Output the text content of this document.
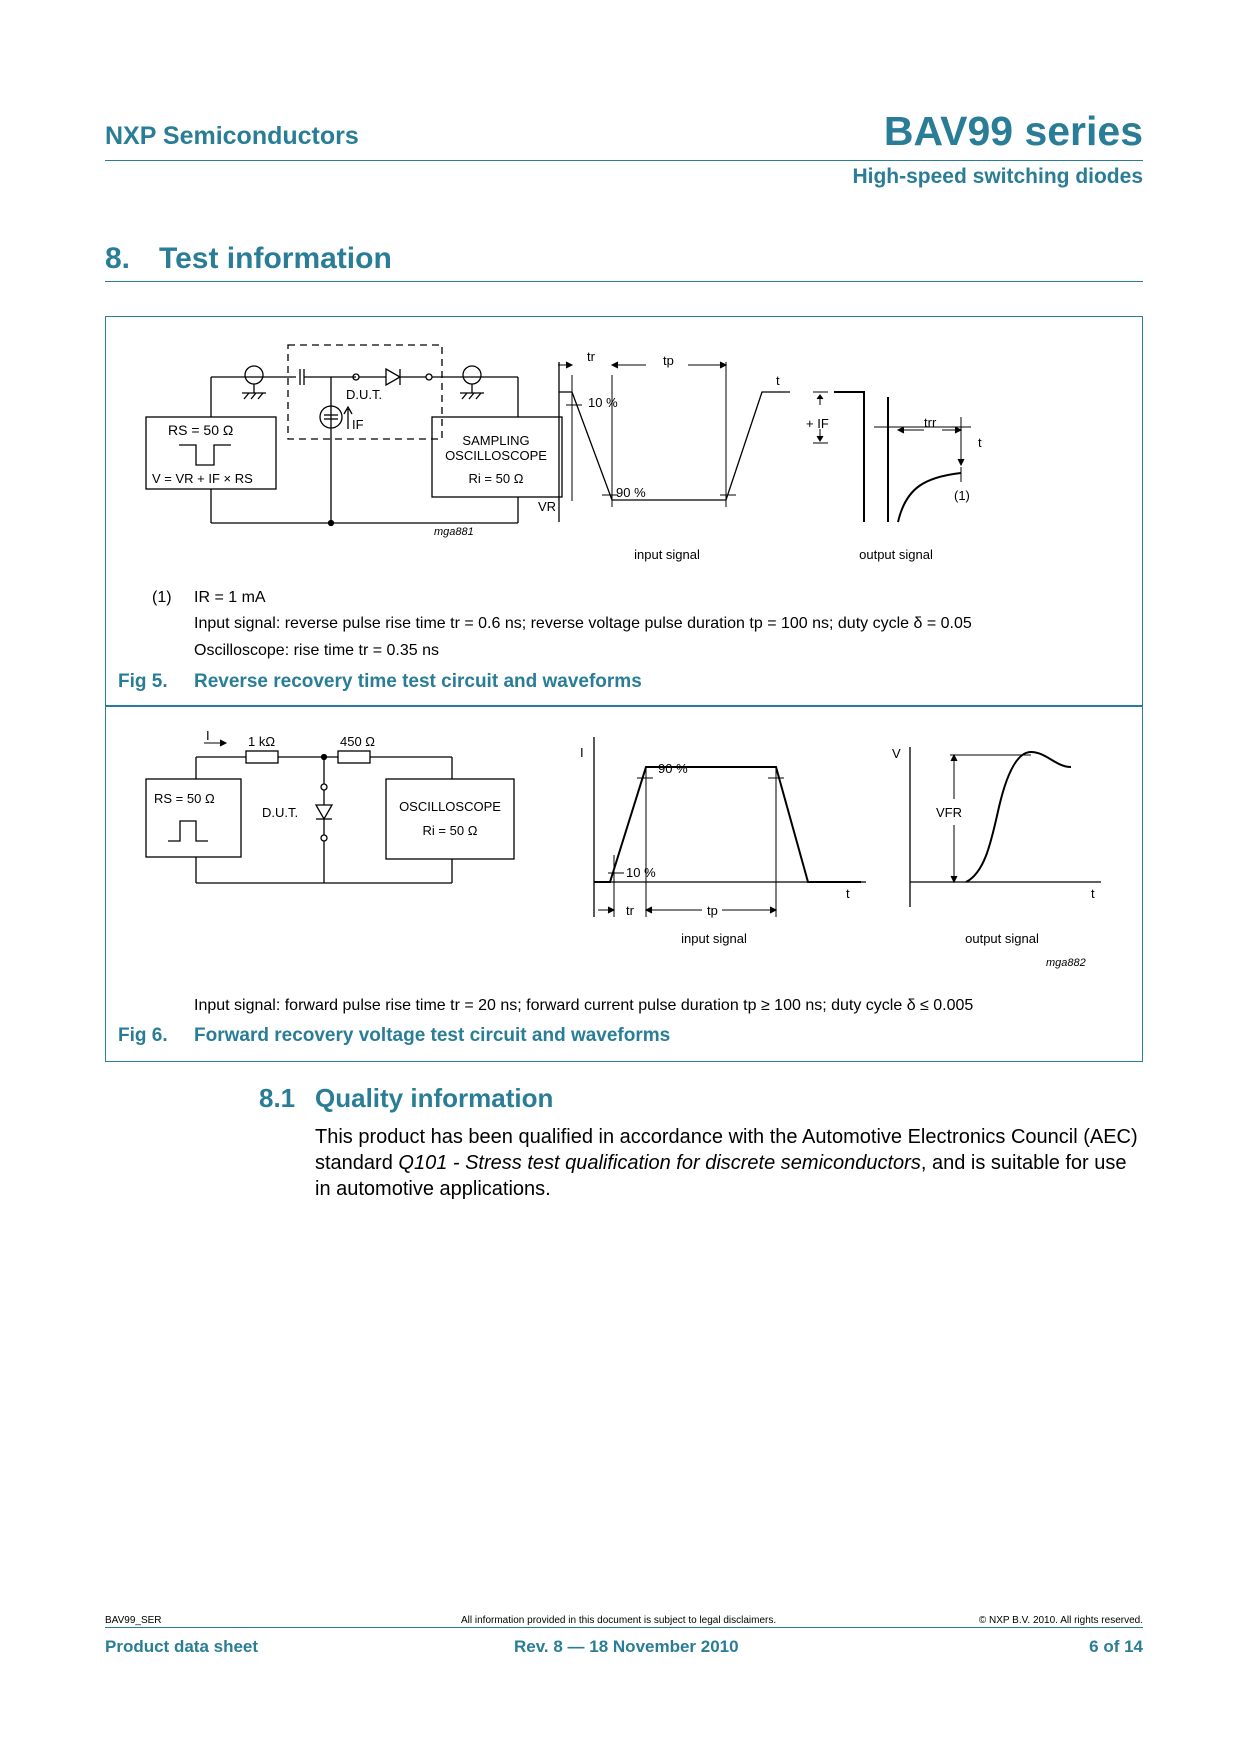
NXP Semiconductors	BAV99 series
High-speed switching diodes
8. Test information
RS = 50 Ω
V = VR + IF × RS
D.U.T.
IF
SAMPLING
OSCILLOSCOPE
Ri = 50 Ω
mga881
tr	tp
t
10 %
90 %
VR
input signal
+ IF	trr
t
(1)
output signal
(1) IR = 1 mA
Input signal: reverse pulse rise time tr = 0.6 ns; reverse voltage pulse duration tp = 100 ns; duty cycle δ = 0.05
Oscilloscope: rise time tr = 0.35 ns
Fig 5. Reverse recovery time test circuit and waveforms
I	1 kΩ	450 Ω
RS = 50 Ω
D.U.T.	OSCILLOSCOPE
Ri = 50 Ω
I
90 %
10 %
t
tr	tp
input signal
V
VFR
t
output signal
mga882
Input signal: forward pulse rise time tr = 20 ns; forward current pulse duration tp ≥ 100 ns; duty cycle δ ≤ 0.005
Fig 6. Forward recovery voltage test circuit and waveforms
8.1 Quality information
This product has been qualified in accordance with the Automotive Electronics Council (AEC) standard Q101 - Stress test qualification for discrete semiconductors, and is suitable for use in automotive applications.
BAV99_SER	All information provided in this document is subject to legal disclaimers.	© NXP B.V. 2010. All rights reserved.
Product data sheet	Rev. 8 — 18 November 2010	6 of 14
